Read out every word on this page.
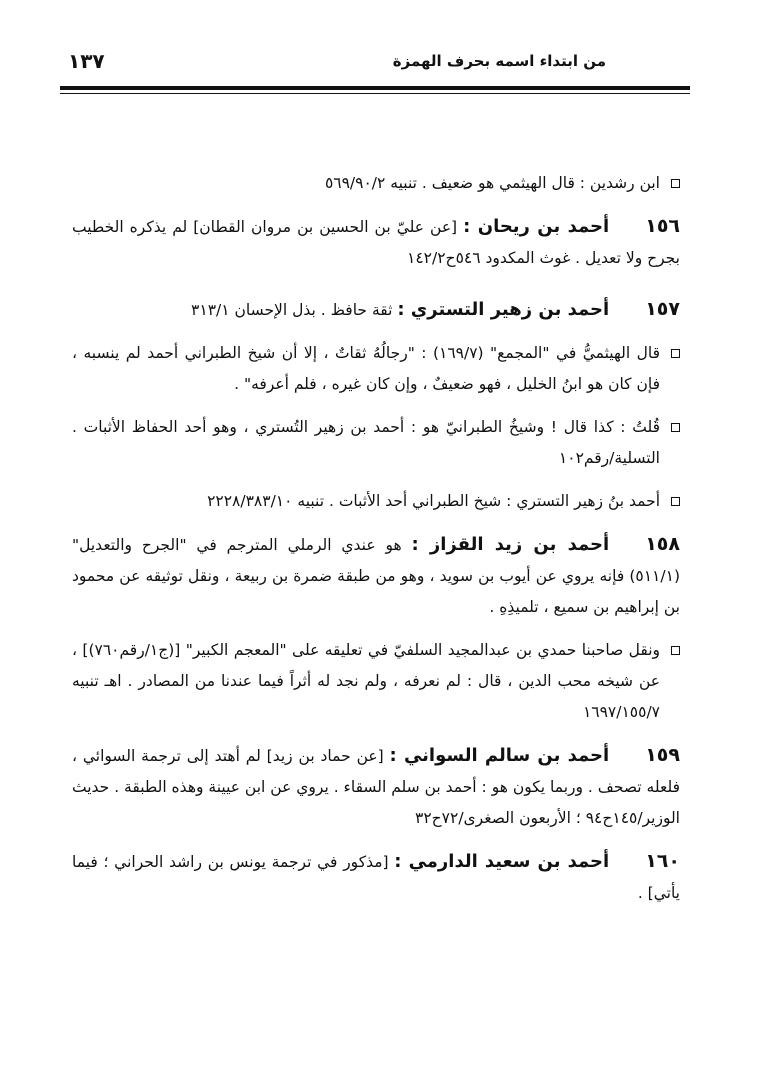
من ابتداء اسمه بحرف الهمزة
١٣٧

ابن رشدين : قال الهيثمي هو ضعيف . تنبيه ٥٦٩/٩٠/٢

١٥٦أحمد بن ريحان : [عن عليّ بن الحسين بن مروان القطان] لم يذكره الخطيب بجرح ولا تعديل . غوث المكدود ٥٤٦ح١٤٢/٢

١٥٧أحمد بن زهير التستري : ثقة حافظ . بذل الإحسان ٣١٣/١

قال الهيثميُّ في "المجمع" (١٦٩/٧) : "رجالُهُ ثقاتٌ ، إلا أن شيخ الطبراني أحمد لم ينسبه ، فإن كان هو ابنُ الخليل ، فهو ضعيفٌ ، وإن كان غيره ، فلم أعرفه" .

قُلتُ : كذا قال ! وشيخُ الطبرانيّ هو : أحمد بن زهير التُستري ، وهو أحد الحفاظ الأثبات . التسلية/رقم١٠٢

أحمد بنُ زهير التستري : شيخ الطبراني أحد الأثبات . تنبيه ٢٢٢٨/٣٨٣/١٠

١٥٨أحمد بن زيد القزاز : هو عندي الرملي المترجم في "الجرح والتعديل" (٥١١/١) فإنه يروي عن أيوب بن سويد ، وهو من طبقة ضمرة بن ربيعة ، ونقل توثيقه عن محمود بن إبراهيم بن سميع ، تلميذِهِ .

ونقل صاحبنا حمدي بن عبدالمجيد السلفيّ في تعليقه على "المعجم الكبير" [(ج١/رقم٧٦٠)] ، عن شيخه محب الدين ، قال : لم نعرفه ، ولم نجد له أثراً فيما عندنا من المصادر . اهـ تنبيه ١٦٩٧/١٥٥/٧

١٥٩أحمد بن سالم السواني : [عن حماد بن زيد] لم أهتد إلى ترجمة السوائي ، فلعله تصحف . وربما يكون هو : أحمد بن سلم السقاء . يروي عن ابن عيينة وهذه الطبقة . حديث الوزير/١٤٥ح٩٤ ؛ الأربعون الصغرى/٧٢ح٣٢

١٦٠أحمد بن سعيد الدارمي : [مذكور في ترجمة يونس بن راشد الحراني ؛ فيما يأتي] .
